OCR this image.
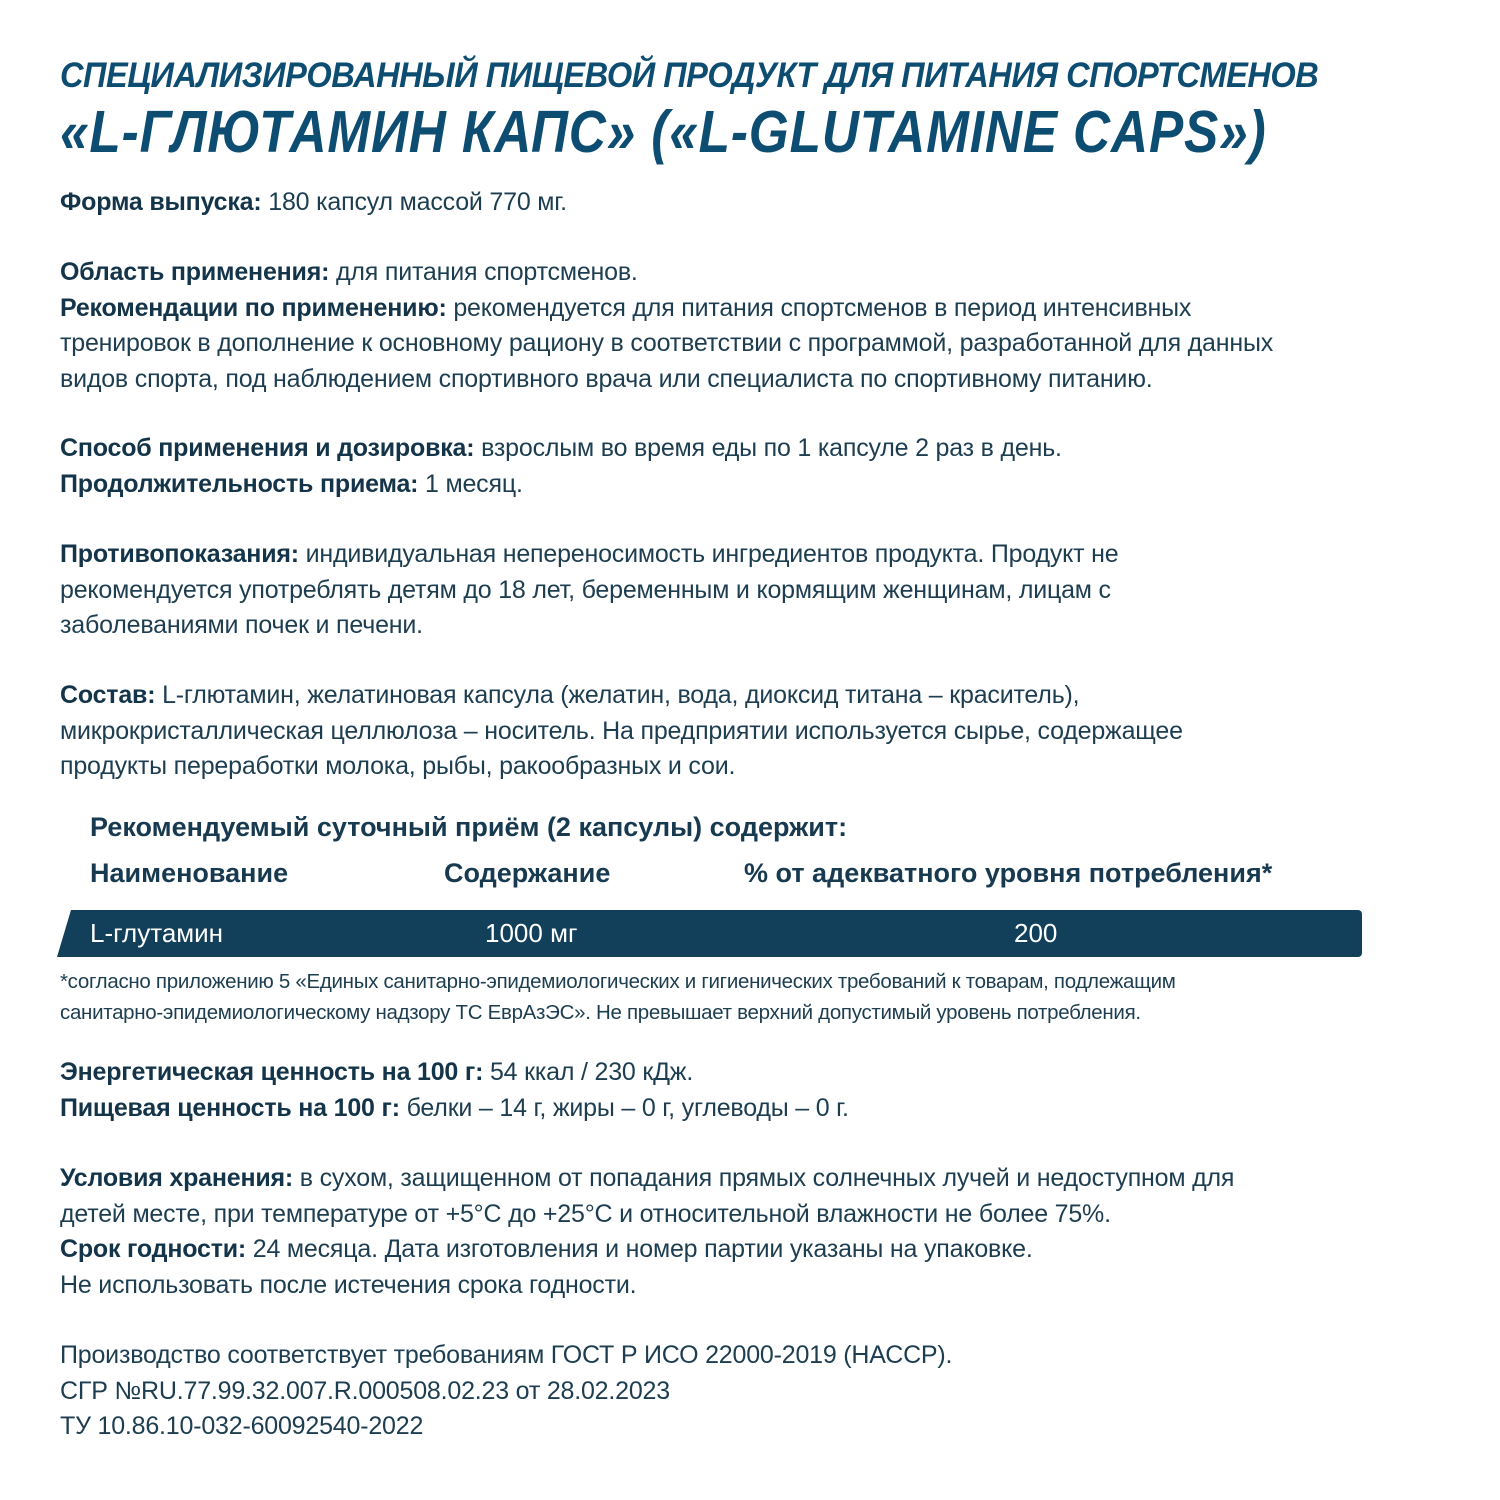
СПЕЦИАЛИЗИРОВАННЫЙ ПИЩЕВОЙ ПРОДУКТ ДЛЯ ПИТАНИЯ СПОРТСМЕНОВ
«L-ГЛЮТАМИН КАПС» («L-GLUTAMINE CAPS»)
Форма выпуска: 180 капсул массой 770 мг.
Область применения: для питания спортсменов.
Рекомендации по применению: рекомендуется для питания спортсменов в период интенсивных
тренировок в дополнение к основному рациону в соответствии с программой, разработанной для данных
видов спорта, под наблюдением спортивного врача или специалиста по спортивному питанию.
Способ применения и дозировка: взрослым во время еды по 1 капсуле 2 раз в день.
Продолжительность приема: 1 месяц.
Противопоказания: индивидуальная непереносимость ингредиентов продукта. Продукт не
рекомендуется употреблять детям до 18 лет, беременным и кормящим женщинам, лицам с
заболеваниями почек и печени.
Состав: L-глютамин, желатиновая капсула (желатин, вода, диоксид титана – краситель),
микрокристаллическая целлюлоза – носитель. На предприятии используется сырье, содержащее
продукты переработки молока, рыбы, ракообразных и сои.
Рекомендуемый суточный приём (2 капсулы) содержит:
Наименование	Содержание	% от адекватного уровня потребления*
L-глутамин	1000 мг	200
*согласно приложению 5 «Единых санитарно-эпидемиологических и гигиенических требований к товарам, подлежащим
санитарно-эпидемиологическому надзору ТС ЕврАзЭС». Не превышает верхний допустимый уровень потребления.
Энергетическая ценность на 100 г: 54 ккал / 230 кДж.
Пищевая ценность на 100 г: белки – 14 г, жиры – 0 г, углеводы – 0 г.
Условия хранения: в сухом, защищенном от попадания прямых солнечных лучей и недоступном для
детей месте, при температуре от +5°С до +25°С и относительной влажности не более 75%.
Срок годности: 24 месяца. Дата изготовления и номер партии указаны на упаковке.
Не использовать после истечения срока годности.
Производство соответствует требованиям ГОСТ Р ИСО 22000-2019 (НАССР).
СГР №RU.77.99.32.007.R.000508.02.23 от 28.02.2023
ТУ 10.86.10-032-60092540-2022
